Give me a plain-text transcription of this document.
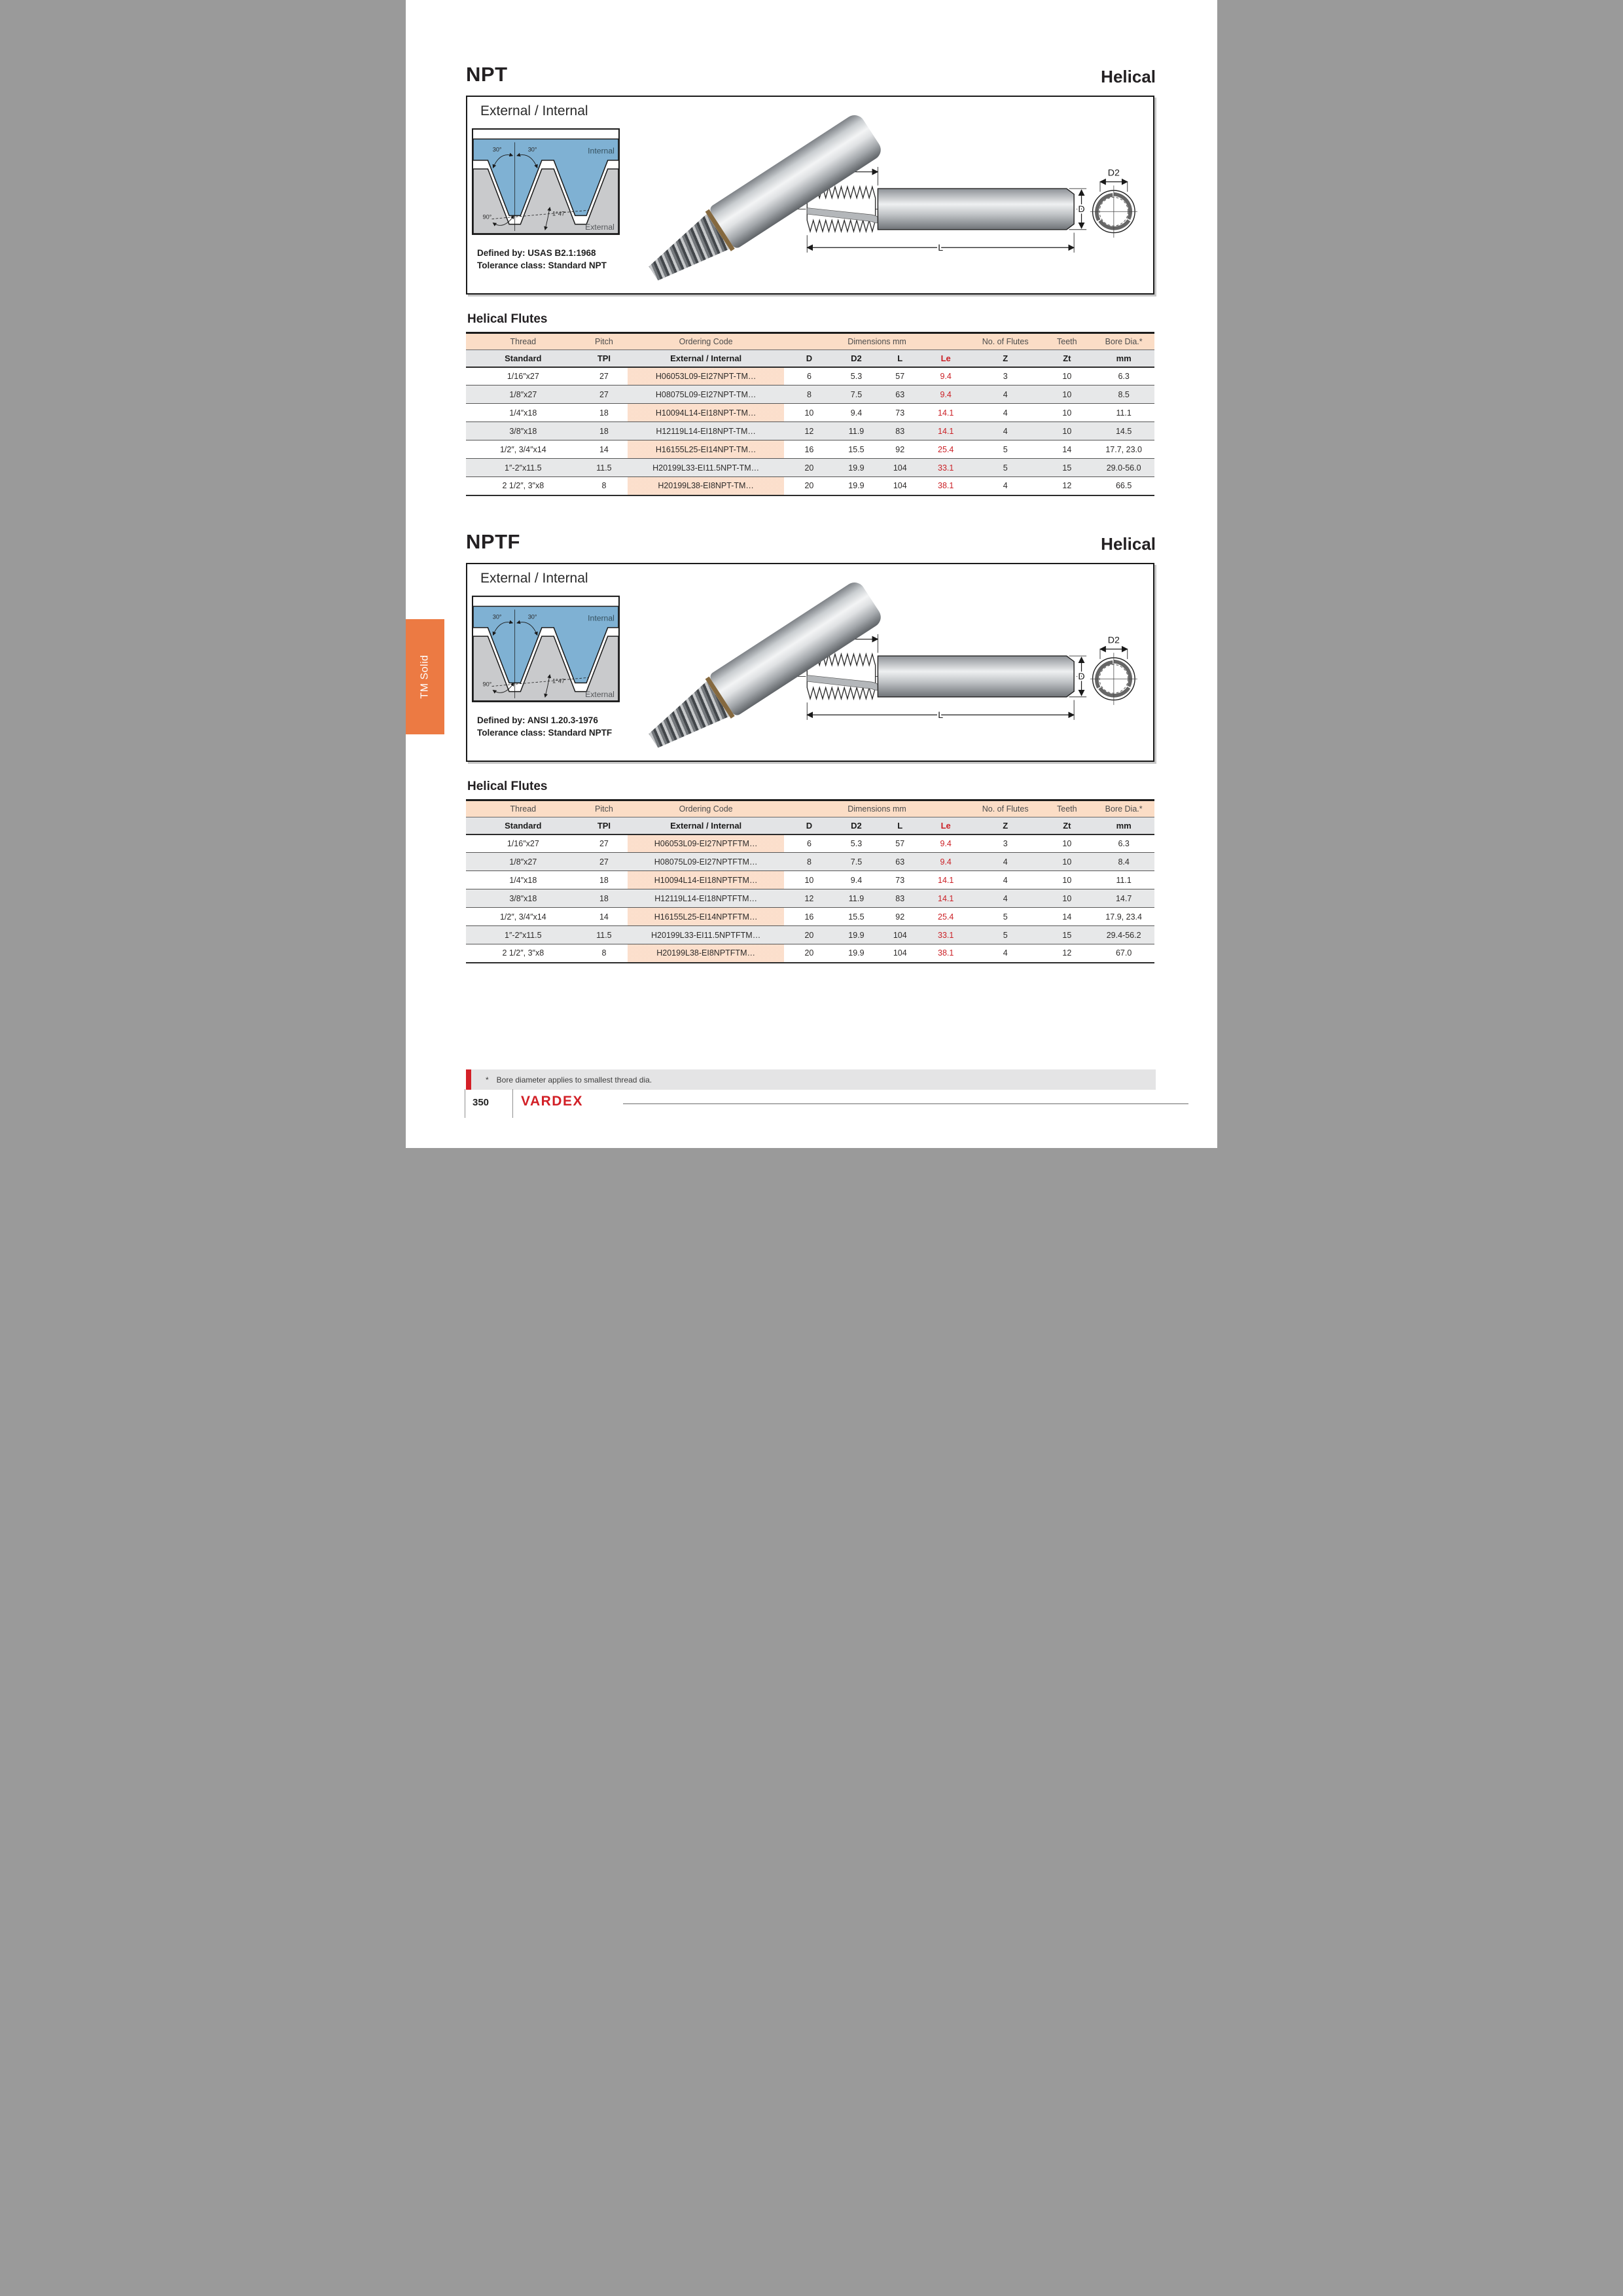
NPT	Helical
External / Internal
Internal
External
30° 30°
90°
1°47'
L
D
D2
Defined by: USAS B2.1:1968
Tolerance class: Standard NPT
Helical Flutes
Thread	Pitch	Ordering Code	Dimensions mm				No. of Flutes	Teeth	Bore Dia.*
Standard	TPI	External / Internal	D	D2	L	Le	Z	Zt	mm
1/16″x27	27	H06053L09-EI27NPT-TM…	6	5.3	57	9.4	3	10	6.3
1/8″x27	27	H08075L09-EI27NPT-TM…	8	7.5	63	9.4	4	10	8.5
1/4″x18	18	H10094L14-EI18NPT-TM…	10	9.4	73	14.1	4	10	11.1
3/8″x18	18	H12119L14-EI18NPT-TM…	12	11.9	83	14.1	4	10	14.5
1/2″, 3/4″x14	14	H16155L25-EI14NPT-TM…	16	15.5	92	25.4	5	14	17.7, 23.0
1″-2″x11.5	11.5	H20199L33-EI11.5NPT-TM…	20	19.9	104	33.1	5	15	29.0-56.0
2 1/2″, 3″x8	8	H20199L38-EI8NPT-TM…	20	19.9	104	38.1	4	12	66.5
NPTF	Helical
External / Internal
Internal
External
30° 30°
90°
1°47'
L
D
D2
Defined by: ANSI 1.20.3-1976
Tolerance class: Standard NPTF
Helical Flutes
Thread	Pitch	Ordering Code	Dimensions mm				No. of Flutes	Teeth	Bore Dia.*
Standard	TPI	External / Internal	D	D2	L	Le	Z	Zt	mm
1/16″x27	27	H06053L09-EI27NPTFTM…	6	5.3	57	9.4	3	10	6.3
1/8″x27	27	H08075L09-EI27NPTFTM…	8	7.5	63	9.4	4	10	8.4
1/4″x18	18	H10094L14-EI18NPTFTM…	10	9.4	73	14.1	4	10	11.1
3/8″x18	18	H12119L14-EI18NPTFTM…	12	11.9	83	14.1	4	10	14.7
1/2″, 3/4″x14	14	H16155L25-EI14NPTFTM…	16	15.5	92	25.4	5	14	17.9, 23.4
1″-2″x11.5	11.5	H20199L33-EI11.5NPTFTM…	20	19.9	104	33.1	5	15	29.4-56.2
2 1/2″, 3″x8	8	H20199L38-EI8NPTFTM…	20	19.9	104	38.1	4	12	67.0
TM Solid
* Bore diameter applies to smallest thread dia.
350 VARDEX
